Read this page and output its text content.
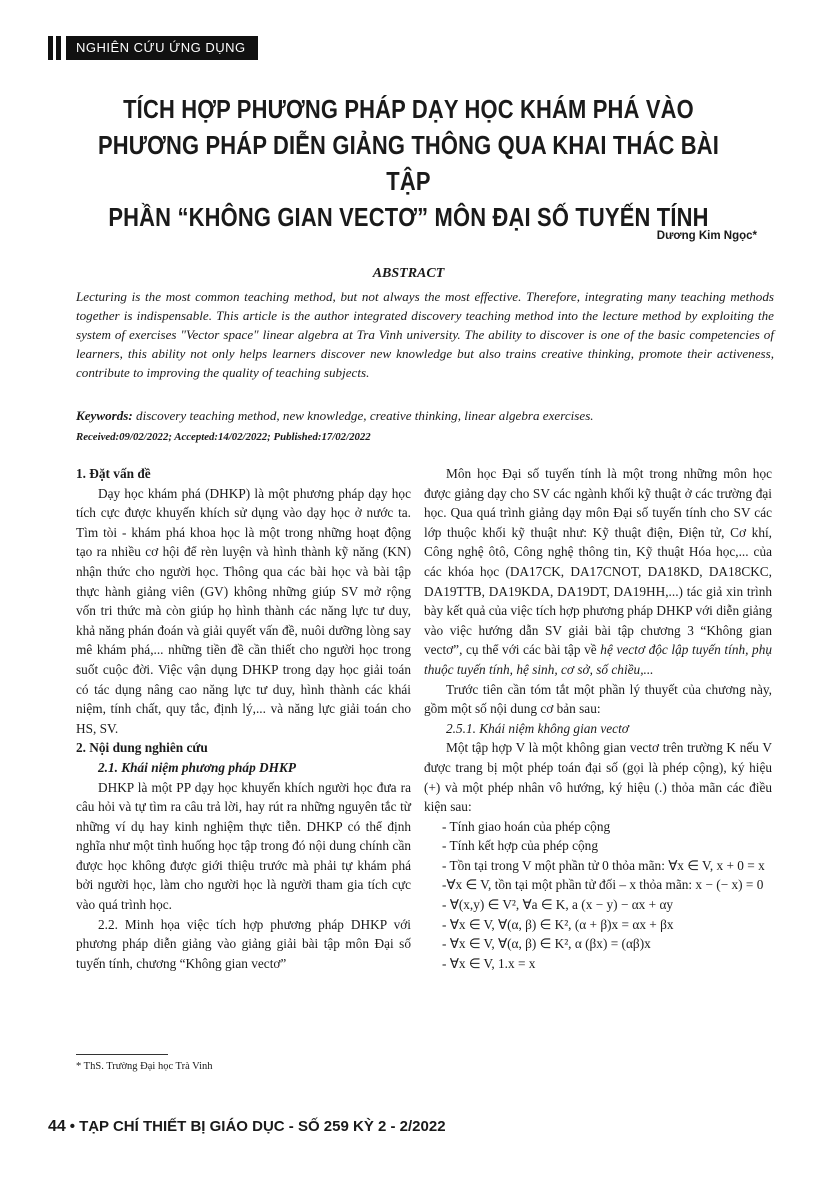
NGHIÊN CỨU ỨNG DỤNG
TÍCH HỢP PHƯƠNG PHÁP DẠY HỌC KHÁM PHÁ VÀO
PHƯƠNG PHÁP DIỄN GIẢNG THÔNG QUA KHAI THÁC BÀI TẬP
PHẦN “KHÔNG GIAN VECTƠ” MÔN ĐẠI SỐ TUYẾN TÍNH
Dương Kim Ngọc*
ABSTRACT
Lecturing is the most common teaching method, but not always the most effective. Therefore, integrating many teaching methods together is indispensable. This article is the author integrated discovery teaching method into the lecture method by exploiting the system of exercises "Vector space" linear algebra at Tra Vinh university. The ability to discover is one of the basic competencies of learners, this ability not only helps learners discover new knowledge but also trains creative thinking, promote their activeness, contribute to improving the quality of teaching subjects.
Keywords: discovery teaching method, new knowledge, creative thinking, linear algebra exercises.
Received:09/02/2022; Accepted:14/02/2022; Published:17/02/2022

1. Đặt vấn đề

Dạy học khám phá (DHKP) là một phương pháp dạy học tích cực được khuyến khích sử dụng vào dạy học ở nước ta. Tìm tòi - khám phá khoa học là một trong những hoạt động tạo ra nhiều cơ hội để rèn luyện và hình thành kỹ năng (KN) nhận thức cho người học. Thông qua các bài học và bài tập thực hành giảng viên (GV) không những giúp SV mở rộng vốn tri thức mà còn giúp họ hình thành các năng lực tư duy, khả năng phán đoán và giải quyết vấn đề, nuôi dưỡng lòng say mê khám phá,... những tiền đề cần thiết cho người học trong suốt cuộc đời. Việc vận dụng DHKP trong dạy học giải toán có tác dụng nâng cao năng lực tư duy, hình thành các khái niệm, tính chất, quy tắc, định lý,... và năng lực giải toán cho HS, SV.

2. Nội dung nghiên cứu

2.1. Khái niệm phương pháp DHKP

DHKP là một PP dạy học khuyến khích người học đưa ra câu hỏi và tự tìm ra câu trả lời, hay rút ra những nguyên tắc từ những ví dụ hay kinh nghiệm thực tiễn. DHKP có thể định nghĩa như một tình huống học tập trong đó nội dung chính cần được học không được giới thiệu trước mà phải tự khám phá bởi người học, làm cho người học là người tham gia tích cực vào quá trình học.

2.2. Minh họa việc tích hợp phương pháp DHKP với phương pháp diễn giảng vào giảng giải bài tập môn Đại số tuyến tính, chương “Không gian vectơ”

Môn học Đại số tuyến tính là một trong những môn học được giảng dạy cho SV các ngành khối kỹ thuật ở các trường đại học. Qua quá trình giảng dạy môn Đại số tuyến tính cho SV các lớp thuộc khối kỹ thuật như: Kỹ thuật điện, Điện tử, Cơ khí, Công nghệ ôtô, Công nghệ thông tin, Kỹ thuật Hóa học,... của các khóa học (DA17CK, DA17CNOT, DA18KD, DA18CKC, DA19TTB, DA19KDA, DA19DT, DA19HH,...) tác giả xin trình bày kết quả của việc tích hợp phương pháp DHKP với diễn giảng vào việc hướng dẫn SV giải bài tập chương 3 “Không gian vectơ”, cụ thể với các bài tập về hệ vectơ độc lập tuyến tính, phụ thuộc tuyến tính, hệ sinh, cơ sở, số chiều,...

Trước tiên cần tóm tắt một phần lý thuyết của chương này, gồm một số nội dung cơ bản sau:

2.5.1. Khái niệm không gian vectơ

Một tập hợp V là một không gian vectơ trên trường K nếu V được trang bị một phép toán đại số (gọi là phép cộng), ký hiệu (+) và một phép nhân vô hướng, ký hiệu (.) thỏa mãn các điều kiện sau:

- Tính giao hoán của phép cộng

- Tính kết hợp của phép cộng

- Tồn tại trong V một phần tử 0 thỏa mãn: ∀x ∈ V, x + 0 = x

-∀x ∈ V, tồn tại một phần tử đối – x thỏa mãn: x − (− x) = 0

- ∀(x,y) ∈ V², ∀a ∈ K, a (x − y) − αx + αy

- ∀x ∈ V, ∀(α, β) ∈ K², (α + β)x = αx + βx

- ∀x ∈ V, ∀(α, β) ∈ K², α (βx) = (αβ)x

- ∀x ∈ V, 1.x = x

* ThS. Trường Đại học Trà Vinh
44 • TẠP CHÍ THIẾT BỊ GIÁO DỤC - SỐ 259 KỲ 2 - 2/2022
